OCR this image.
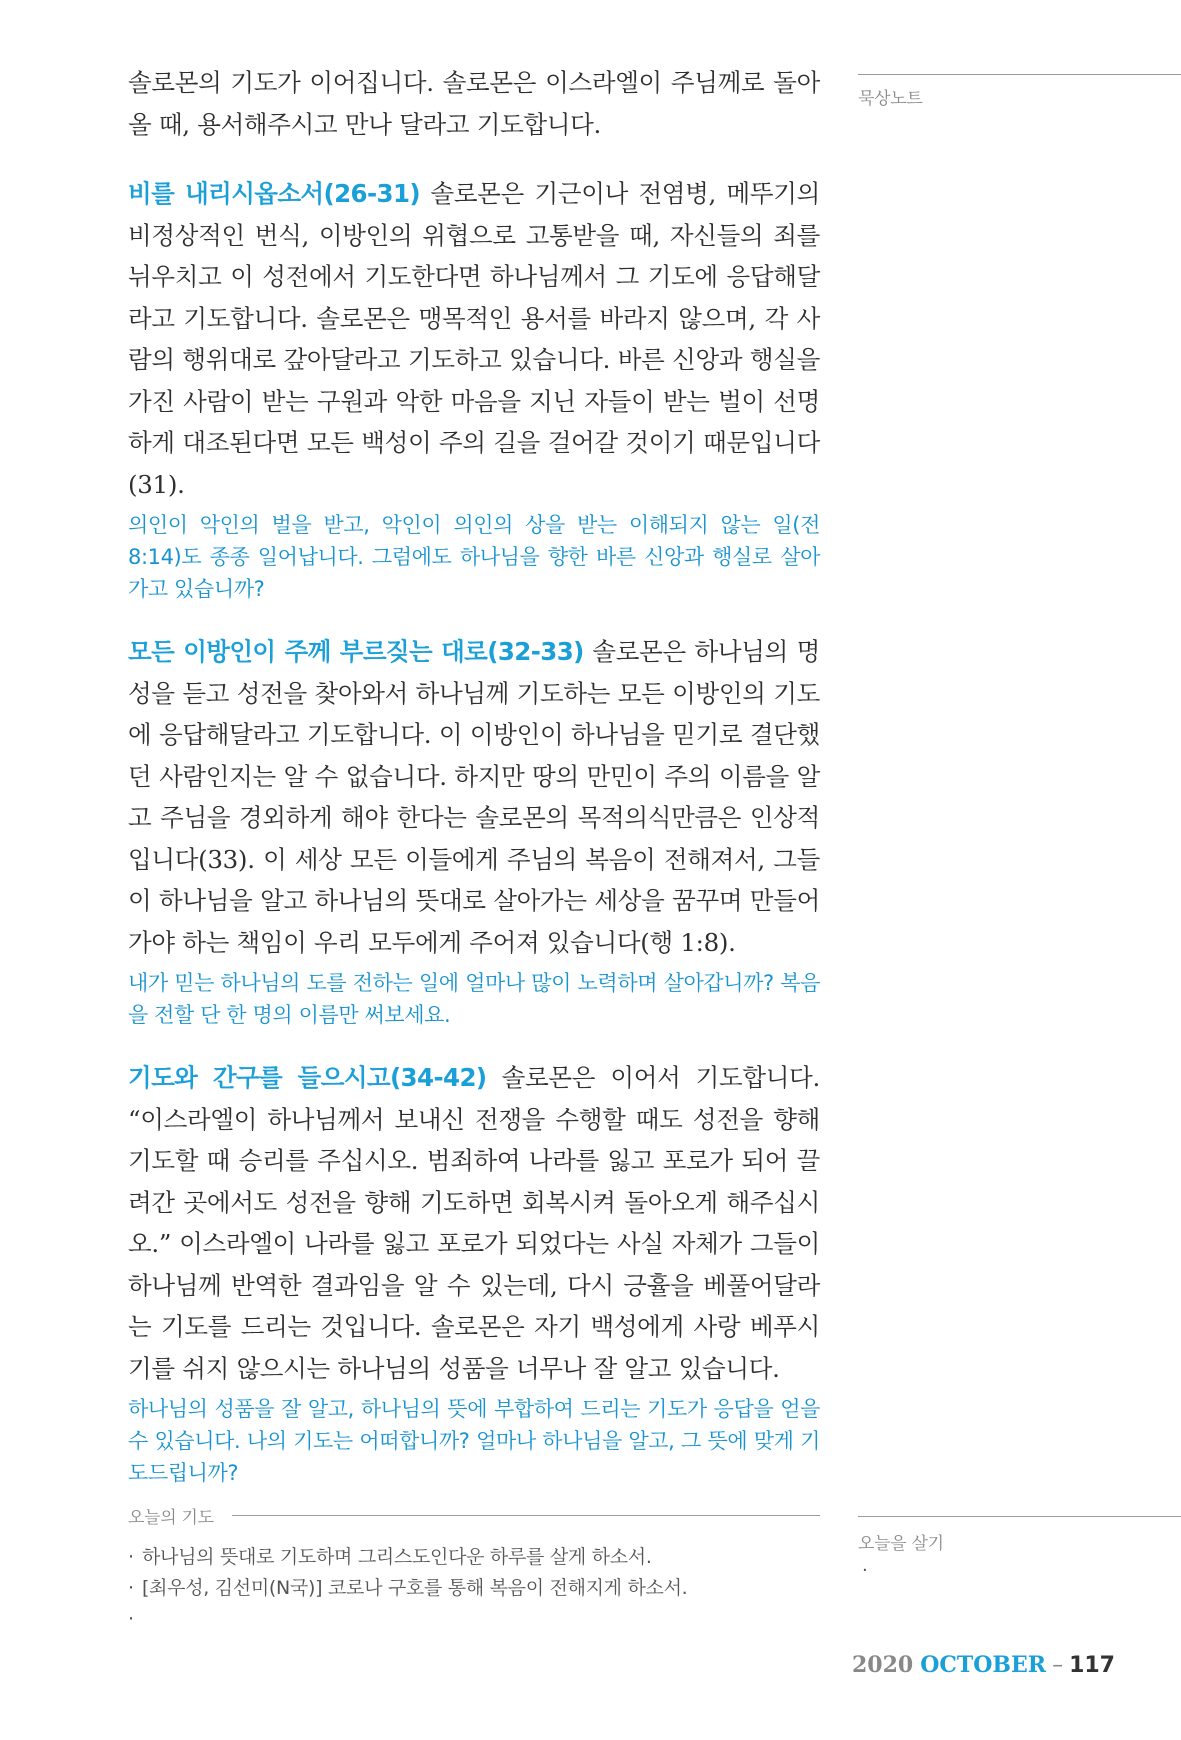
솔로몬의 기도가 이어집니다. 솔로몬은 이스라엘이 주님께로 돌아올 때, 용서해주시고 만나 달라고 기도합니다.

비를 내리시옵소서(26-31) 솔로몬은 기근이나 전염병, 메뚜기의 비정상적인 번식, 이방인의 위협으로 고통받을 때, 자신들의 죄를 뉘우치고 이 성전에서 기도한다면 하나님께서 그 기도에 응답해달라고 기도합니다. 솔로몬은 맹목적인 용서를 바라지 않으며, 각 사람의 행위대로 갚아달라고 기도하고 있습니다. 바른 신앙과 행실을 가진 사람이 받는 구원과 악한 마음을 지닌 자들이 받는 벌이 선명하게 대조된다면 모든 백성이 주의 길을 걸어갈 것이기 때문입니다(31).

의인이 악인의 벌을 받고, 악인이 의인의 상을 받는 이해되지 않는 일(전 8:14)도 종종 일어납니다. 그럼에도 하나님을 향한 바른 신앙과 행실로 살아가고 있습니까?

모든 이방인이 주께 부르짖는 대로(32-33) 솔로몬은 하나님의 명성을 듣고 성전을 찾아와서 하나님께 기도하는 모든 이방인의 기도에 응답해달라고 기도합니다. 이 이방인이 하나님을 믿기로 결단했던 사람인지는 알 수 없습니다. 하지만 땅의 만민이 주의 이름을 알고 주님을 경외하게 해야 한다는 솔로몬의 목적의식만큼은 인상적입니다(33). 이 세상 모든 이들에게 주님의 복음이 전해져서, 그들이 하나님을 알고 하나님의 뜻대로 살아가는 세상을 꿈꾸며 만들어가야 하는 책임이 우리 모두에게 주어져 있습니다(행 1:8).

내가 믿는 하나님의 도를 전하는 일에 얼마나 많이 노력하며 살아갑니까? 복음을 전할 단 한 명의 이름만 써보세요.

기도와 간구를 들으시고(34-42) 솔로몬은 이어서 기도합니다. “이스라엘이 하나님께서 보내신 전쟁을 수행할 때도 성전을 향해 기도할 때 승리를 주십시오. 범죄하여 나라를 잃고 포로가 되어 끌려간 곳에서도 성전을 향해 기도하면 회복시켜 돌아오게 해주십시오.” 이스라엘이 나라를 잃고 포로가 되었다는 사실 자체가 그들이 하나님께 반역한 결과임을 알 수 있는데, 다시 긍휼을 베풀어달라는 기도를 드리는 것입니다. 솔로몬은 자기 백성에게 사랑 베푸시기를 쉬지 않으시는 하나님의 성품을 너무나 잘 알고 있습니다.

하나님의 성품을 잘 알고, 하나님의 뜻에 부합하여 드리는 기도가 응답을 얻을 수 있습니다. 나의 기도는 어떠합니까? 얼마나 하나님을 알고, 그 뜻에 맞게 기도드립니까?

묵상노트
오늘을 살기
·
오늘의 기도
· 하나님의 뜻대로 기도하며 그리스도인다운 하루를 살게 하소서.
· [최우성, 김선미(N국)] 코로나 구호를 통해 복음이 전해지게 하소서.
·
2020 OCTOBER – 117
